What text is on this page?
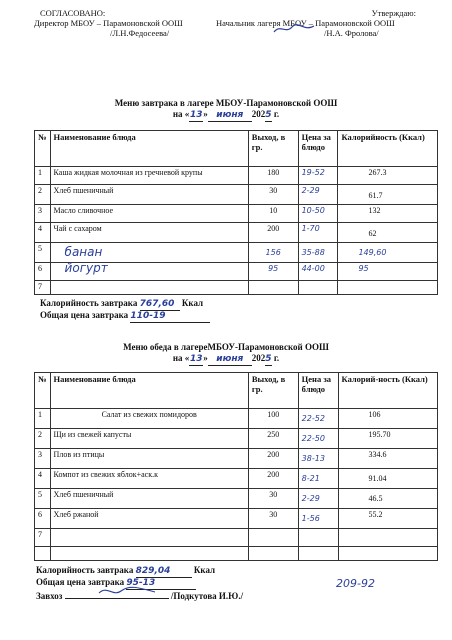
СОГЛАСОВАНО:
Директор МБОУ – Парамоновской ООШ
/Л.Н.Федосеева/
Утверждаю:
Начальник лагеря МБОУ – Парамоновской ООШ
/Н.А. Фролова/
Меню завтрака в лагере МБОУ-Парамоновской ООШ
на «13» июня 2025 г.
№	Наименование блюда	Выход, в гр.	Цена за блюдо	Калорийность (Ккал)
1	Каша жидкая молочная из гречневой крупы	180	19-52	267.3
2	Хлеб пшеничный	30	2-29	61.7
3	Масло сливочное	10	10-50	132
4	Чай с сахаром	200	1-70	62
5	банан	156	35-88	149,60
6	йогурт	95	44-00	95
7				
Калорийность завтрака 767,60 Ккал
Общая цена завтрака 110-19
Меню обеда в лагереМБОУ-Парамоновской ООШ
на «13» июня 2025 г.
№	Наименование блюда	Выход, в гр.	Цена за блюдо	Калорий-ность (Ккал)
1	Салат из свежих помидоров	100	22-52	106
2	Щи из свежей капусты	250	22-50	195.70
3	Плов из птицы	200	38-13	334.6
4	Компот из свежих яблок+аск.к	200	8-21	91.04
5	Хлеб пшеничный	30	2-29	46.5
6	Хлеб ржаной	30	1-56	55.2
7				

Калорийность завтрака 829,04	Ккал
Общая цена завтрака 95-13
Завхоз	/Подкутова И.Ю./
209-92
